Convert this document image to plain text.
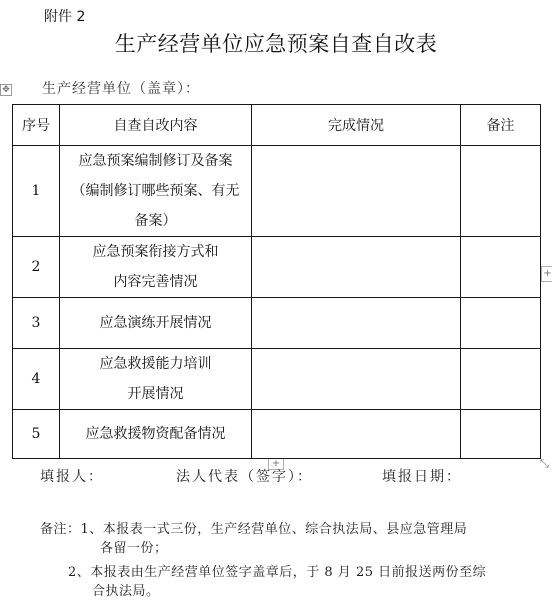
附件 2
生产经营单位应急预案自查自改表
✥ 生产经营单位（盖章）：
序号	自查自改内容	完成情况	备注
1	应急预案编制修订及备案
（编制修订哪些预案、有无
备案）		

2	应急预案衔接方式和
内容完善情况		

3	应急演练开展情况		

4	应急救援能力培训
开展情况		

5	应急救援物资配备情况		

+
+	⤡
填报人：	法人代表（签字）：	填报日期：
备注：1、本报表一式三份，生产经营单位、综合执法局、县应急管理局
各留一份；
2、本报表由生产经营单位签字盖章后，于 8 月 25 日前报送两份至综
合执法局。
